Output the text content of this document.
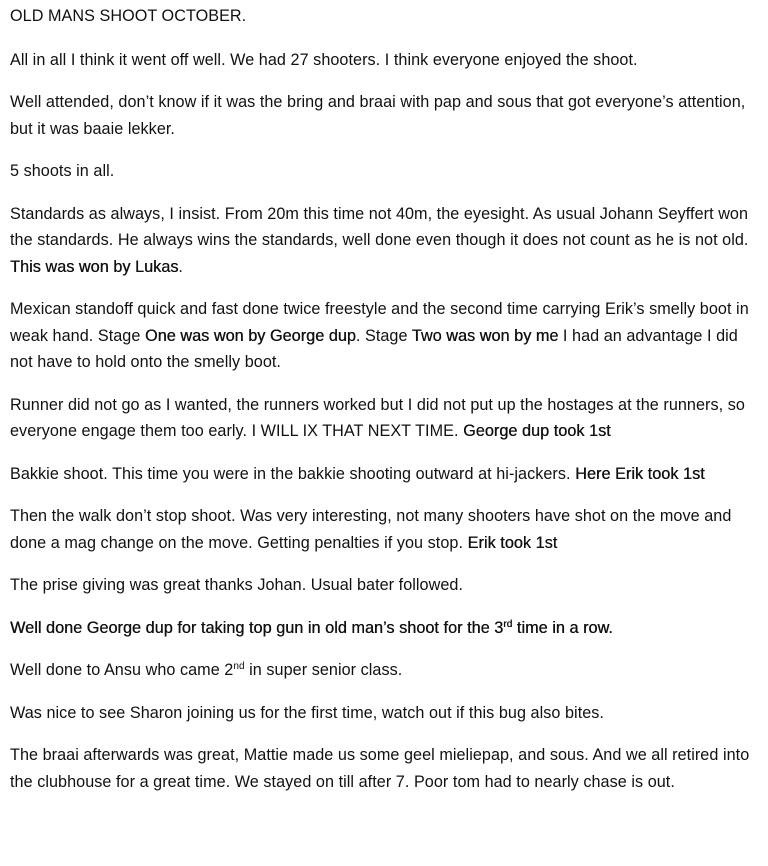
OLD MANS SHOOT OCTOBER.

All in all I think it went off well. We had 27 shooters. I think everyone enjoyed the shoot.

Well attended, don’t know if it was the bring and braai with pap and sous that got everyone’s attention, but it was baaie lekker.

5 shoots in all.

Standards as always, I insist. From 20m this time not 40m, the eyesight. As usual Johann Seyffert won the standards. He always wins the standards, well done even though it does not count as he is not old. This was won by Lukas.

Mexican standoff quick and fast done twice freestyle and the second time carrying Erik’s smelly boot in weak hand. Stage One was won by George dup. Stage Two was won by me I had an advantage I did not have to hold onto the smelly boot.

Runner did not go as I wanted, the runners worked but I did not put up the hostages at the runners, so everyone engage them too early. I WILL IX THAT NEXT TIME. George dup took 1st

Bakkie shoot. This time you were in the bakkie shooting outward at hi-jackers. Here Erik took 1st

Then the walk don’t stop shoot. Was very interesting, not many shooters have shot on the move and done a mag change on the move. Getting penalties if you stop. Erik took 1st

The prise giving was great thanks Johan. Usual bater followed.

Well done George dup for taking top gun in old man’s shoot for the 3rd time in a row.

Well done to Ansu who came 2nd in super senior class.

Was nice to see Sharon joining us for the first time, watch out if this bug also bites.

The braai afterwards was great, Mattie made us some geel mieliepap, and sous. And we all retired into the clubhouse for a great time. We stayed on till after 7. Poor tom had to nearly chase is out.
